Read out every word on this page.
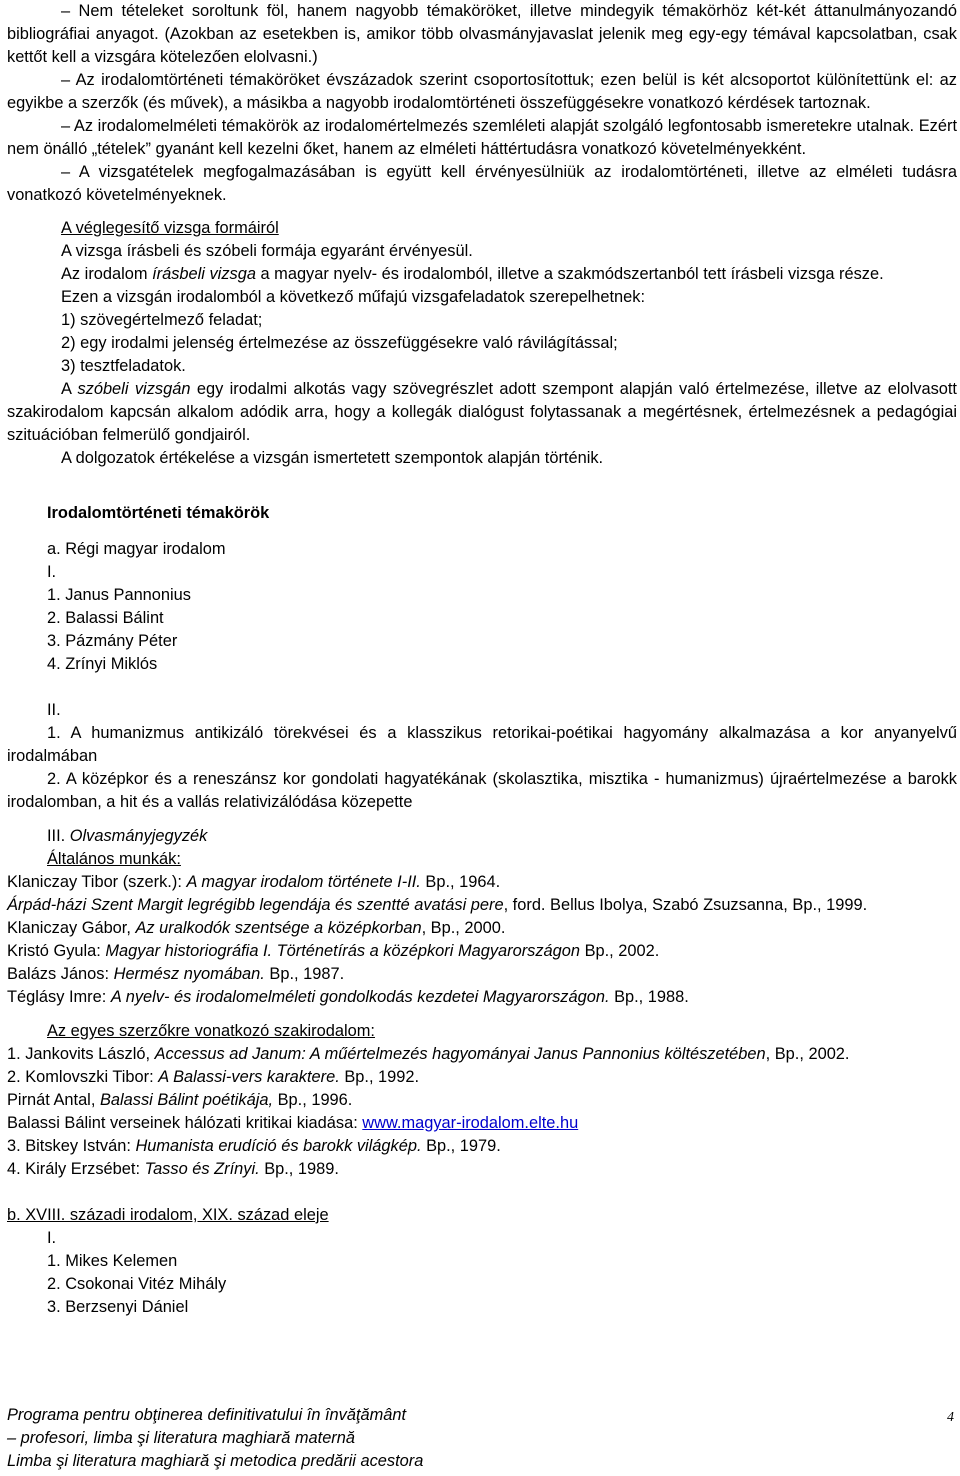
– Nem tételeket soroltunk föl, hanem nagyobb témaköröket, illetve mindegyik témakörhöz két-két áttanulmányozandó bibliográfiai anyagot. (Azokban az esetekben is, amikor több olvasmányjavaslat jelenik meg egy-egy témával kapcsolatban, csak kettőt kell a vizsgára kötelezően elolvasni.)

– Az irodalomtörténeti témaköröket évszázadok szerint csoportosítottuk; ezen belül is két alcsoportot különítettünk el: az egyikbe a szerzők (és művek), a másikba a nagyobb irodalomtörténeti összefüggésekre vonatkozó kérdések tartoznak.

– Az irodalomelméleti témakörök az irodalomértelmezés szemléleti alapját szolgáló legfontosabb ismeretekre utalnak. Ezért nem önálló „tételek” gyanánt kell kezelni őket, hanem az elméleti háttértudásra vonatkozó követelményekként.

– A vizsgatételek megfogalmazásában is együtt kell érvényesülniük az irodalomtörténeti, illetve az elméleti tudásra vonatkozó követelményeknek.

A véglegesítő vizsga formáiról

A vizsga írásbeli és szóbeli formája egyaránt érvényesül.

Az irodalom írásbeli vizsga a magyar nyelv- és irodalomból, illetve a szakmódszertanból tett írásbeli vizsga része.

Ezen a vizsgán irodalomból a következő műfajú vizsgafeladatok szerepelhetnek:

1) szövegértelmező feladat;

2) egy irodalmi jelenség értelmezése az összefüggésekre való rávilágítással;

3) tesztfeladatok.

A szóbeli vizsgán egy irodalmi alkotás vagy szövegrészlet adott szempont alapján való értelmezése, illetve az elolvasott szakirodalom kapcsán alkalom adódik arra, hogy a kollegák dialógust folytassanak a megértésnek, értelmezésnek a pedagógiai szituációban felmerülő gondjairól.

A dolgozatok értékelése a vizsgán ismertetett szempontok alapján történik.

Irodalomtörténeti témakörök

a. Régi magyar irodalom

I.

1. Janus Pannonius

2. Balassi Bálint

3. Pázmány Péter

4. Zrínyi Miklós

II.

1. A humanizmus antikizáló törekvései és a klasszikus retorikai-poétikai hagyomány alkalmazása a kor anyanyelvű irodalmában

2. A középkor és a reneszánsz kor gondolati hagyatékának (skolasztika, misztika - humanizmus) újraértelmezése a barokk irodalomban, a hit és a vallás relativizálódása közepette

III. Olvasmányjegyzék

Általános munkák:

Klaniczay Tibor (szerk.): A magyar irodalom története I-II. Bp., 1964.

Árpád-házi Szent Margit legrégibb legendája és szentté avatási pere, ford. Bellus Ibolya, Szabó Zsuzsanna, Bp., 1999.

Klaniczay Gábor, Az uralkodók szentsége a középkorban, Bp., 2000.

Kristó Gyula: Magyar historiográfia I. Történetírás a középkori Magyarországon Bp., 2002.

Balázs János: Hermész nyomában. Bp., 1987.

Téglásy Imre: A nyelv- és irodalomelméleti gondolkodás kezdetei Magyarországon. Bp., 1988.

Az egyes szerzőkre vonatkozó szakirodalom:

1. Jankovits László, Accessus ad Janum: A műértelmezés hagyományai Janus Pannonius költészetében, Bp., 2002.

2. Komlovszki Tibor: A Balassi-vers karaktere. Bp., 1992.

Pirnát Antal, Balassi Bálint poétikája, Bp., 1996.

Balassi Bálint verseinek hálózati kritikai kiadása: www.magyar-irodalom.elte.hu

3. Bitskey István: Humanista erudíció és barokk világkép. Bp., 1979.

4. Király Erzsébet: Tasso és Zrínyi. Bp., 1989.

b. XVIII. századi irodalom, XIX. század eleje

I.

1. Mikes Kelemen

2. Csokonai Vitéz Mihály

3. Berzsenyi Dániel

Programa pentru obţinerea definitivatului în învăţământ
– profesori, limba şi literatura maghiară maternă
Limba şi literatura maghiară şi metodica predării acestora
4
